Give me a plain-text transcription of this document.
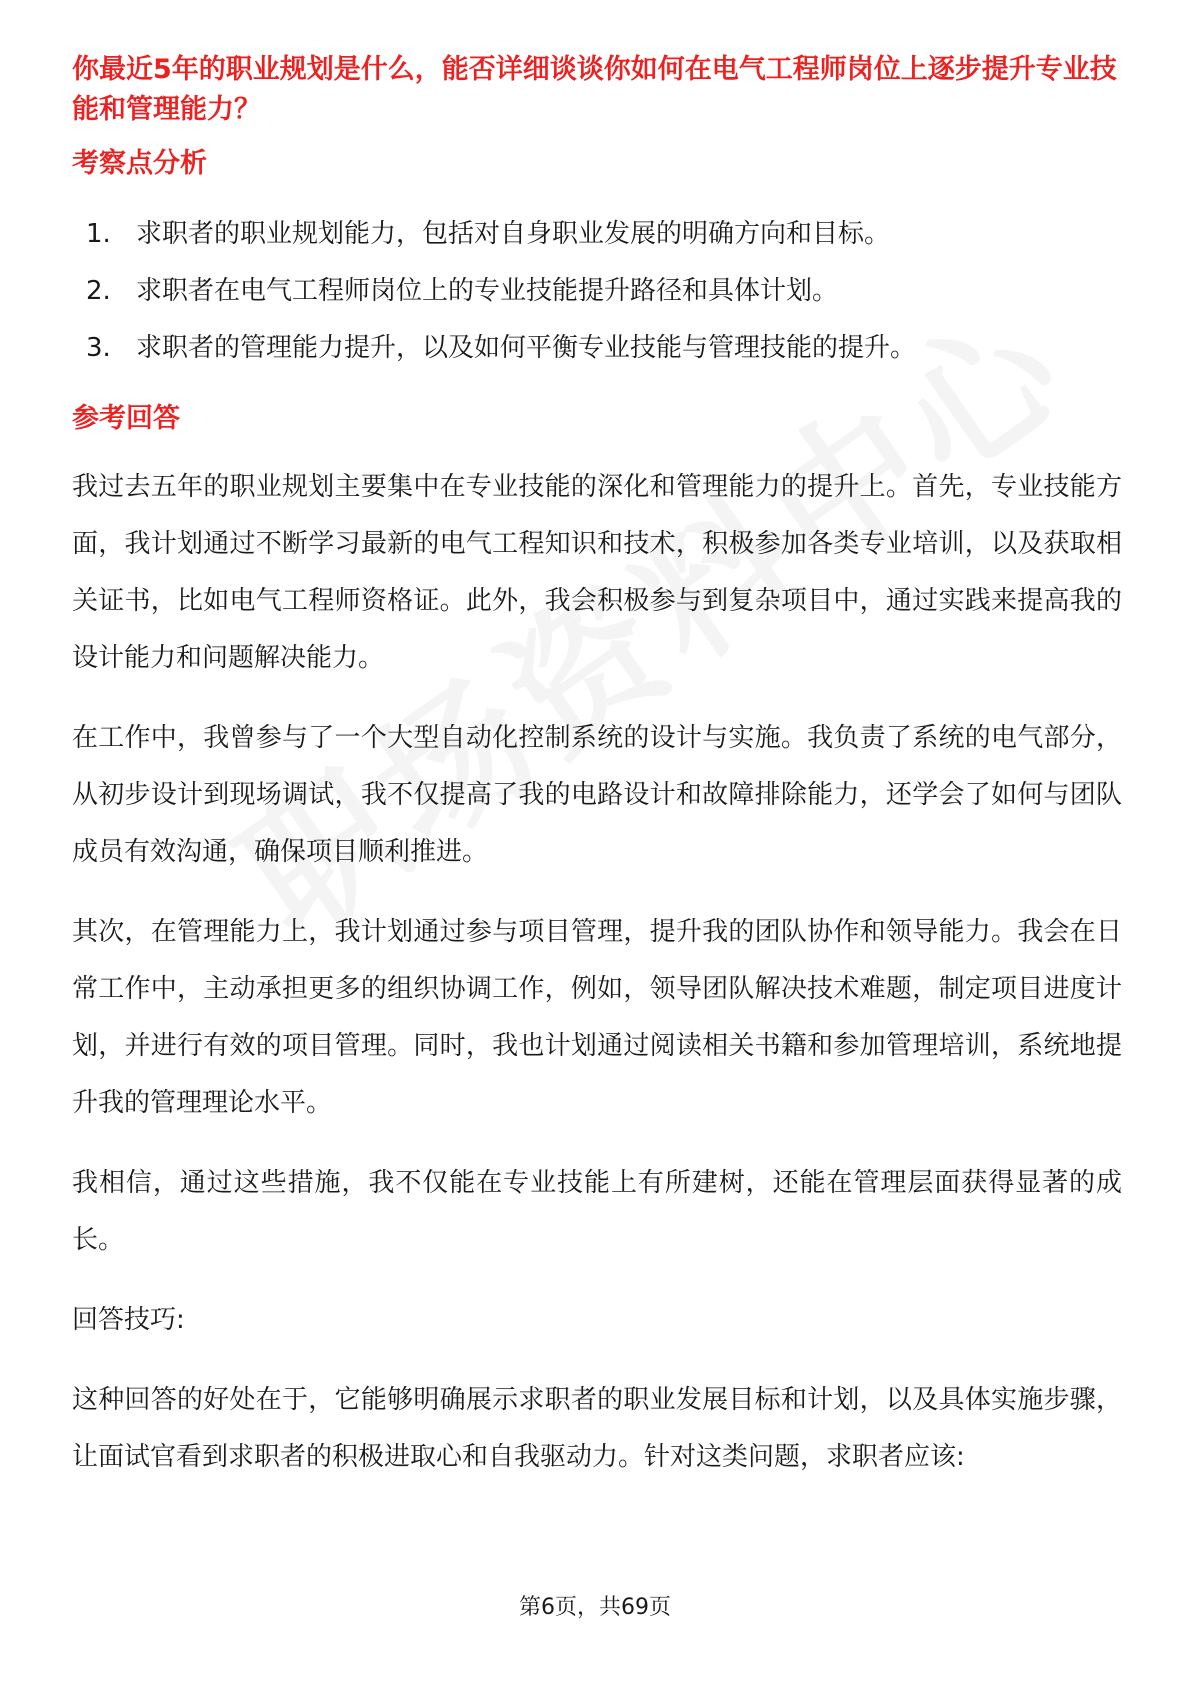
你最近5年的职业规划是什么，能否详细谈谈你如何在电气工程师岗位上逐步提升专业技能和管理能力？
考察点分析
1. 求职者的职业规划能力，包括对自身职业发展的明确方向和目标。
2. 求职者在电气工程师岗位上的专业技能提升路径和具体计划。
3. 求职者的管理能力提升，以及如何平衡专业技能与管理技能的提升。
参考回答

我过去五年的职业规划主要集中在专业技能的深化和管理能力的提升上。首先，专业技能方面，我计划通过不断学习最新的电气工程知识和技术，积极参加各类专业培训，以及获取相关证书，比如电气工程师资格证。此外，我会积极参与到复杂项目中，通过实践来提高我的设计能力和问题解决能力。

在工作中，我曾参与了一个大型自动化控制系统的设计与实施。我负责了系统的电气部分，从初步设计到现场调试，我不仅提高了我的电路设计和故障排除能力，还学会了如何与团队成员有效沟通，确保项目顺利推进。

其次，在管理能力上，我计划通过参与项目管理，提升我的团队协作和领导能力。我会在日常工作中，主动承担更多的组织协调工作，例如，领导团队解决技术难题，制定项目进度计划，并进行有效的项目管理。同时，我也计划通过阅读相关书籍和参加管理培训，系统地提升我的管理理论水平。

我相信，通过这些措施，我不仅能在专业技能上有所建树，还能在管理层面获得显著的成长。

回答技巧:

这种回答的好处在于，它能够明确展示求职者的职业发展目标和计划，以及具体实施步骤，让面试官看到求职者的积极进取心和自我驱动力。针对这类问题，求职者应该:

第6页，共69页
